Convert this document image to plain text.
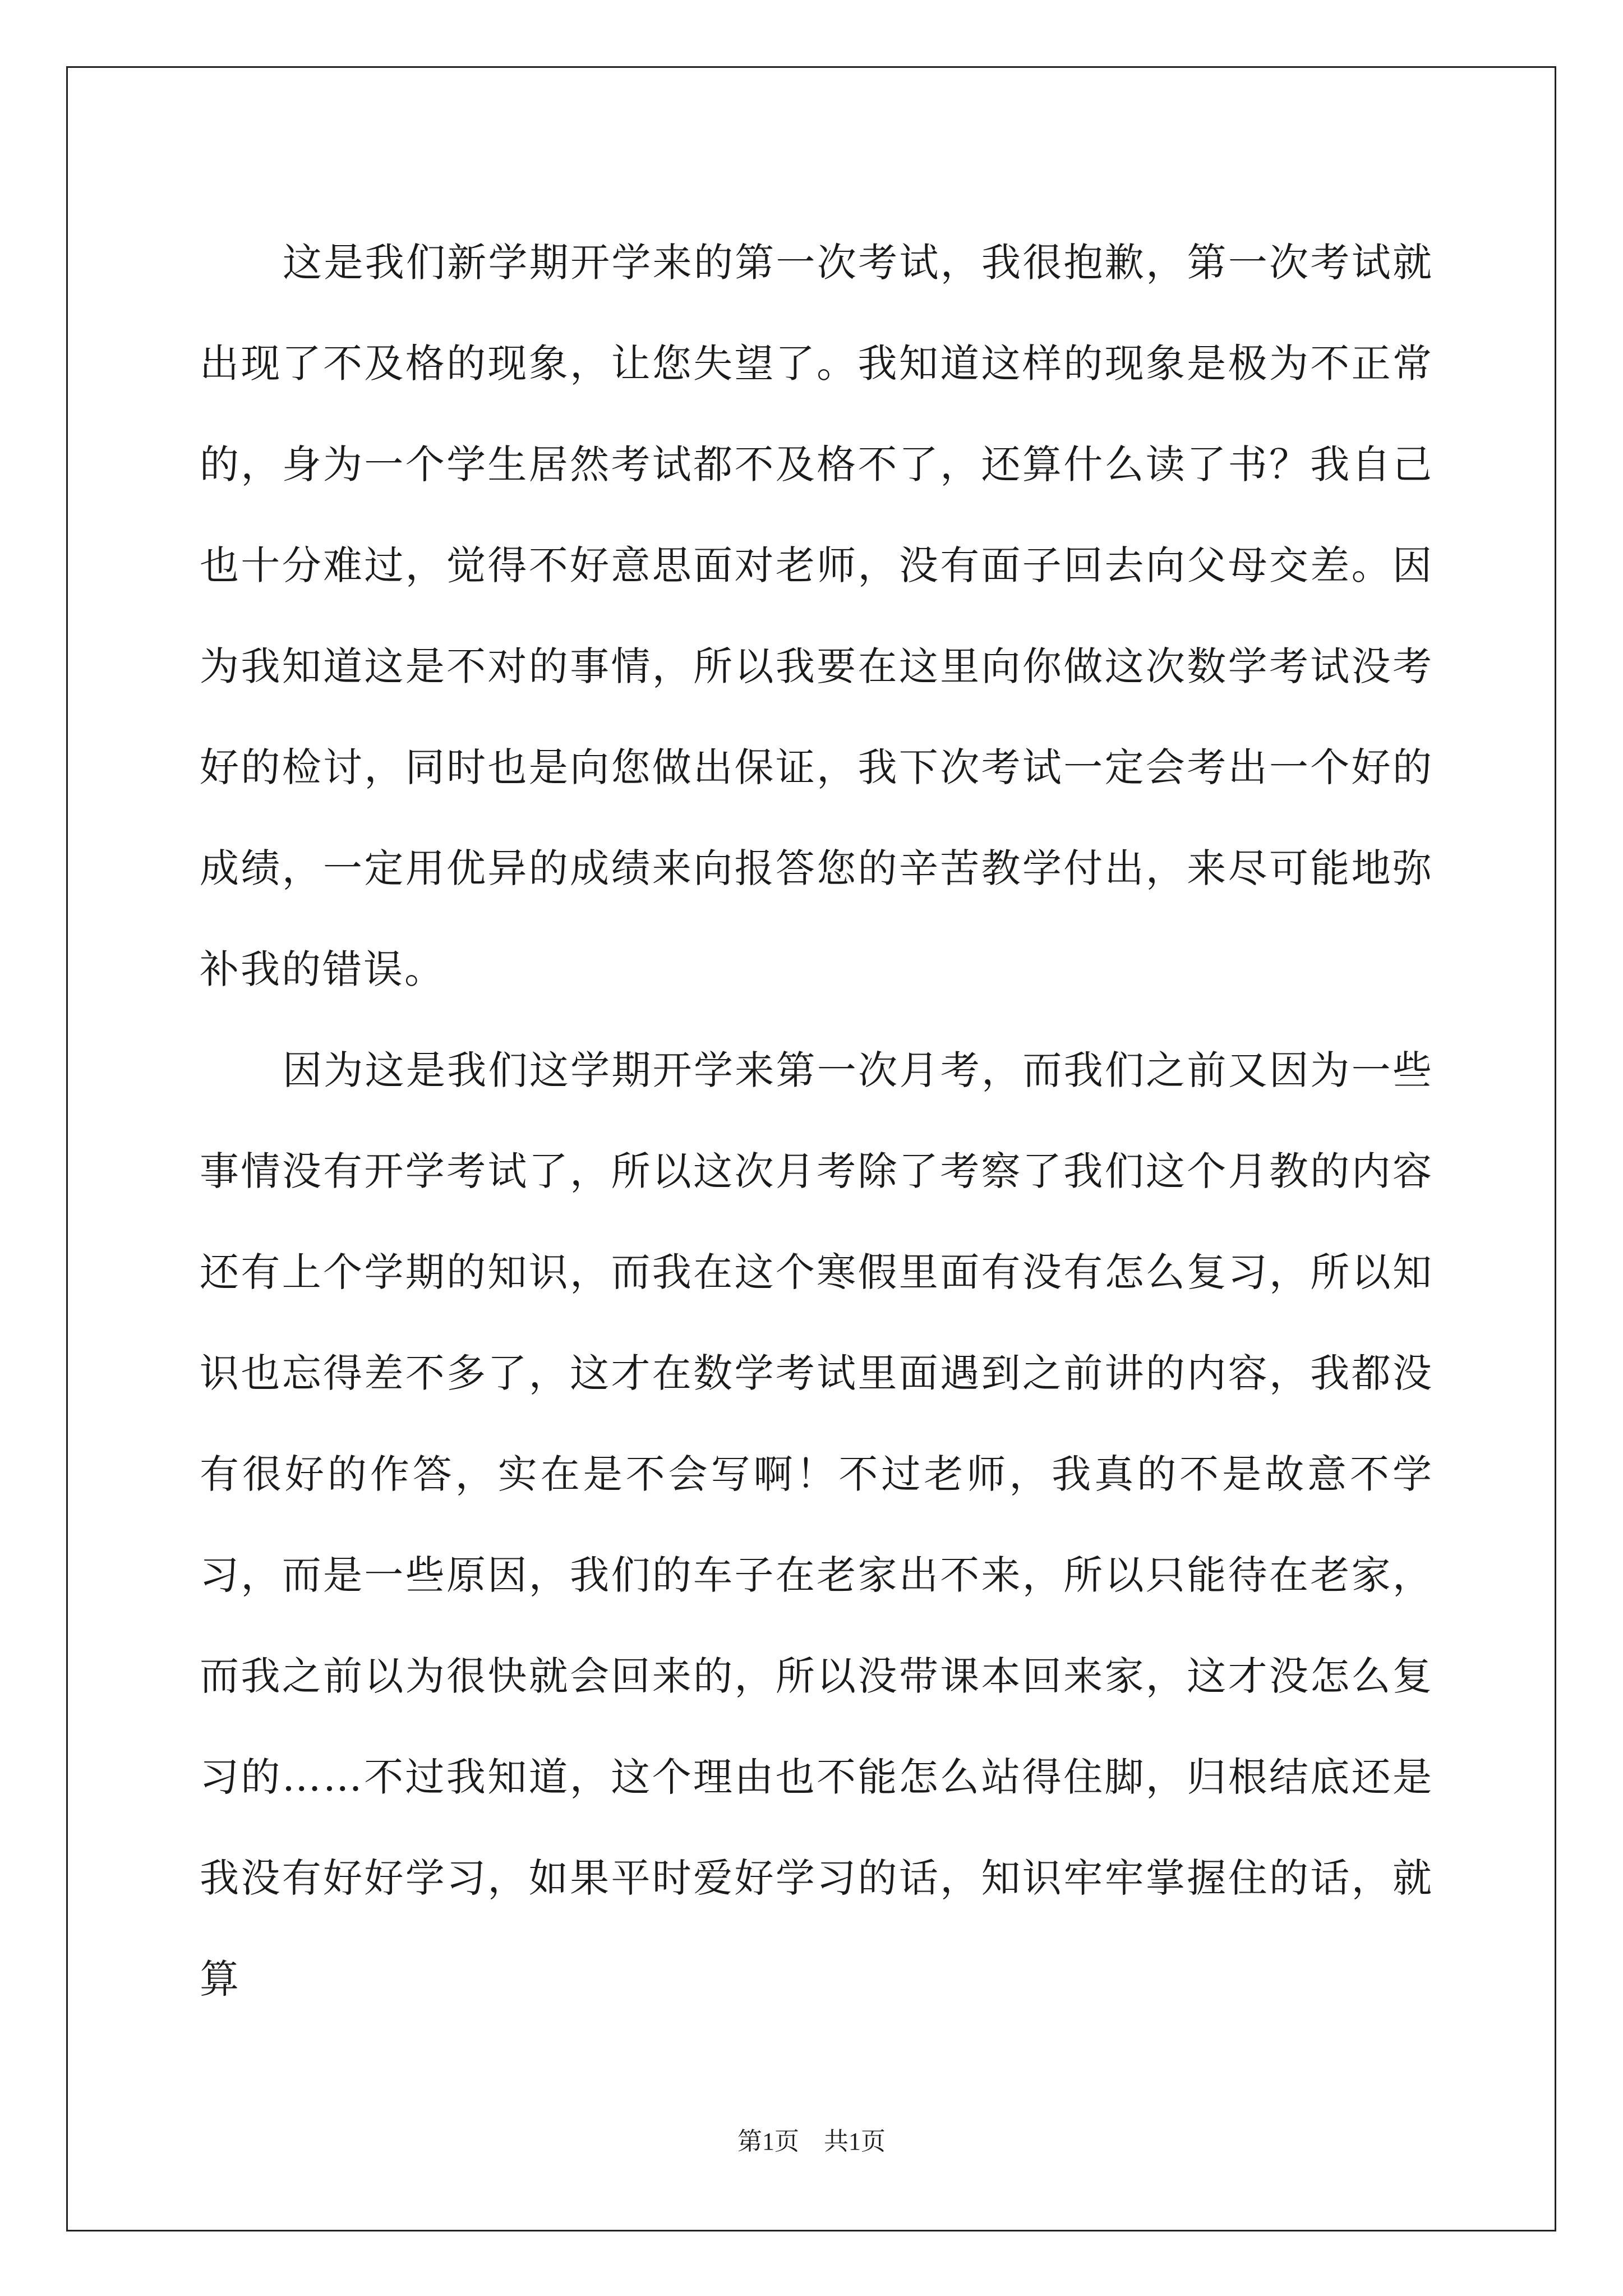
这是我们新学期开学来的第一次考试，我很抱歉，第一次考试就出现了不及格的现象，让您失望了。我知道这样的现象是极为不正常的，身为一个学生居然考试都不及格不了，还算什么读了书？我自己也十分难过，觉得不好意思面对老师，没有面子回去向父母交差。因为我知道这是不对的事情，所以我要在这里向你做这次数学考试没考好的检讨，同时也是向您做出保证，我下次考试一定会考出一个好的成绩，一定用优异的成绩来向报答您的辛苦教学付出，来尽可能地弥补我的错误。

因为这是我们这学期开学来第一次月考，而我们之前又因为一些事情没有开学考试了，所以这次月考除了考察了我们这个月教的内容还有上个学期的知识，而我在这个寒假里面有没有怎么复习，所以知识也忘得差不多了，这才在数学考试里面遇到之前讲的内容，我都没有很好的作答，实在是不会写啊！不过老师，我真的不是故意不学习，而是一些原因，我们的车子在老家出不来，所以只能待在老家，而我之前以为很快就会回来的，所以没带课本回来家，这才没怎么复习的……不过我知道，这个理由也不能怎么站得住脚，归根结底还是我没有好好学习，如果平时爱好学习的话，知识牢牢掌握住的话，就算

第1页 共1页
